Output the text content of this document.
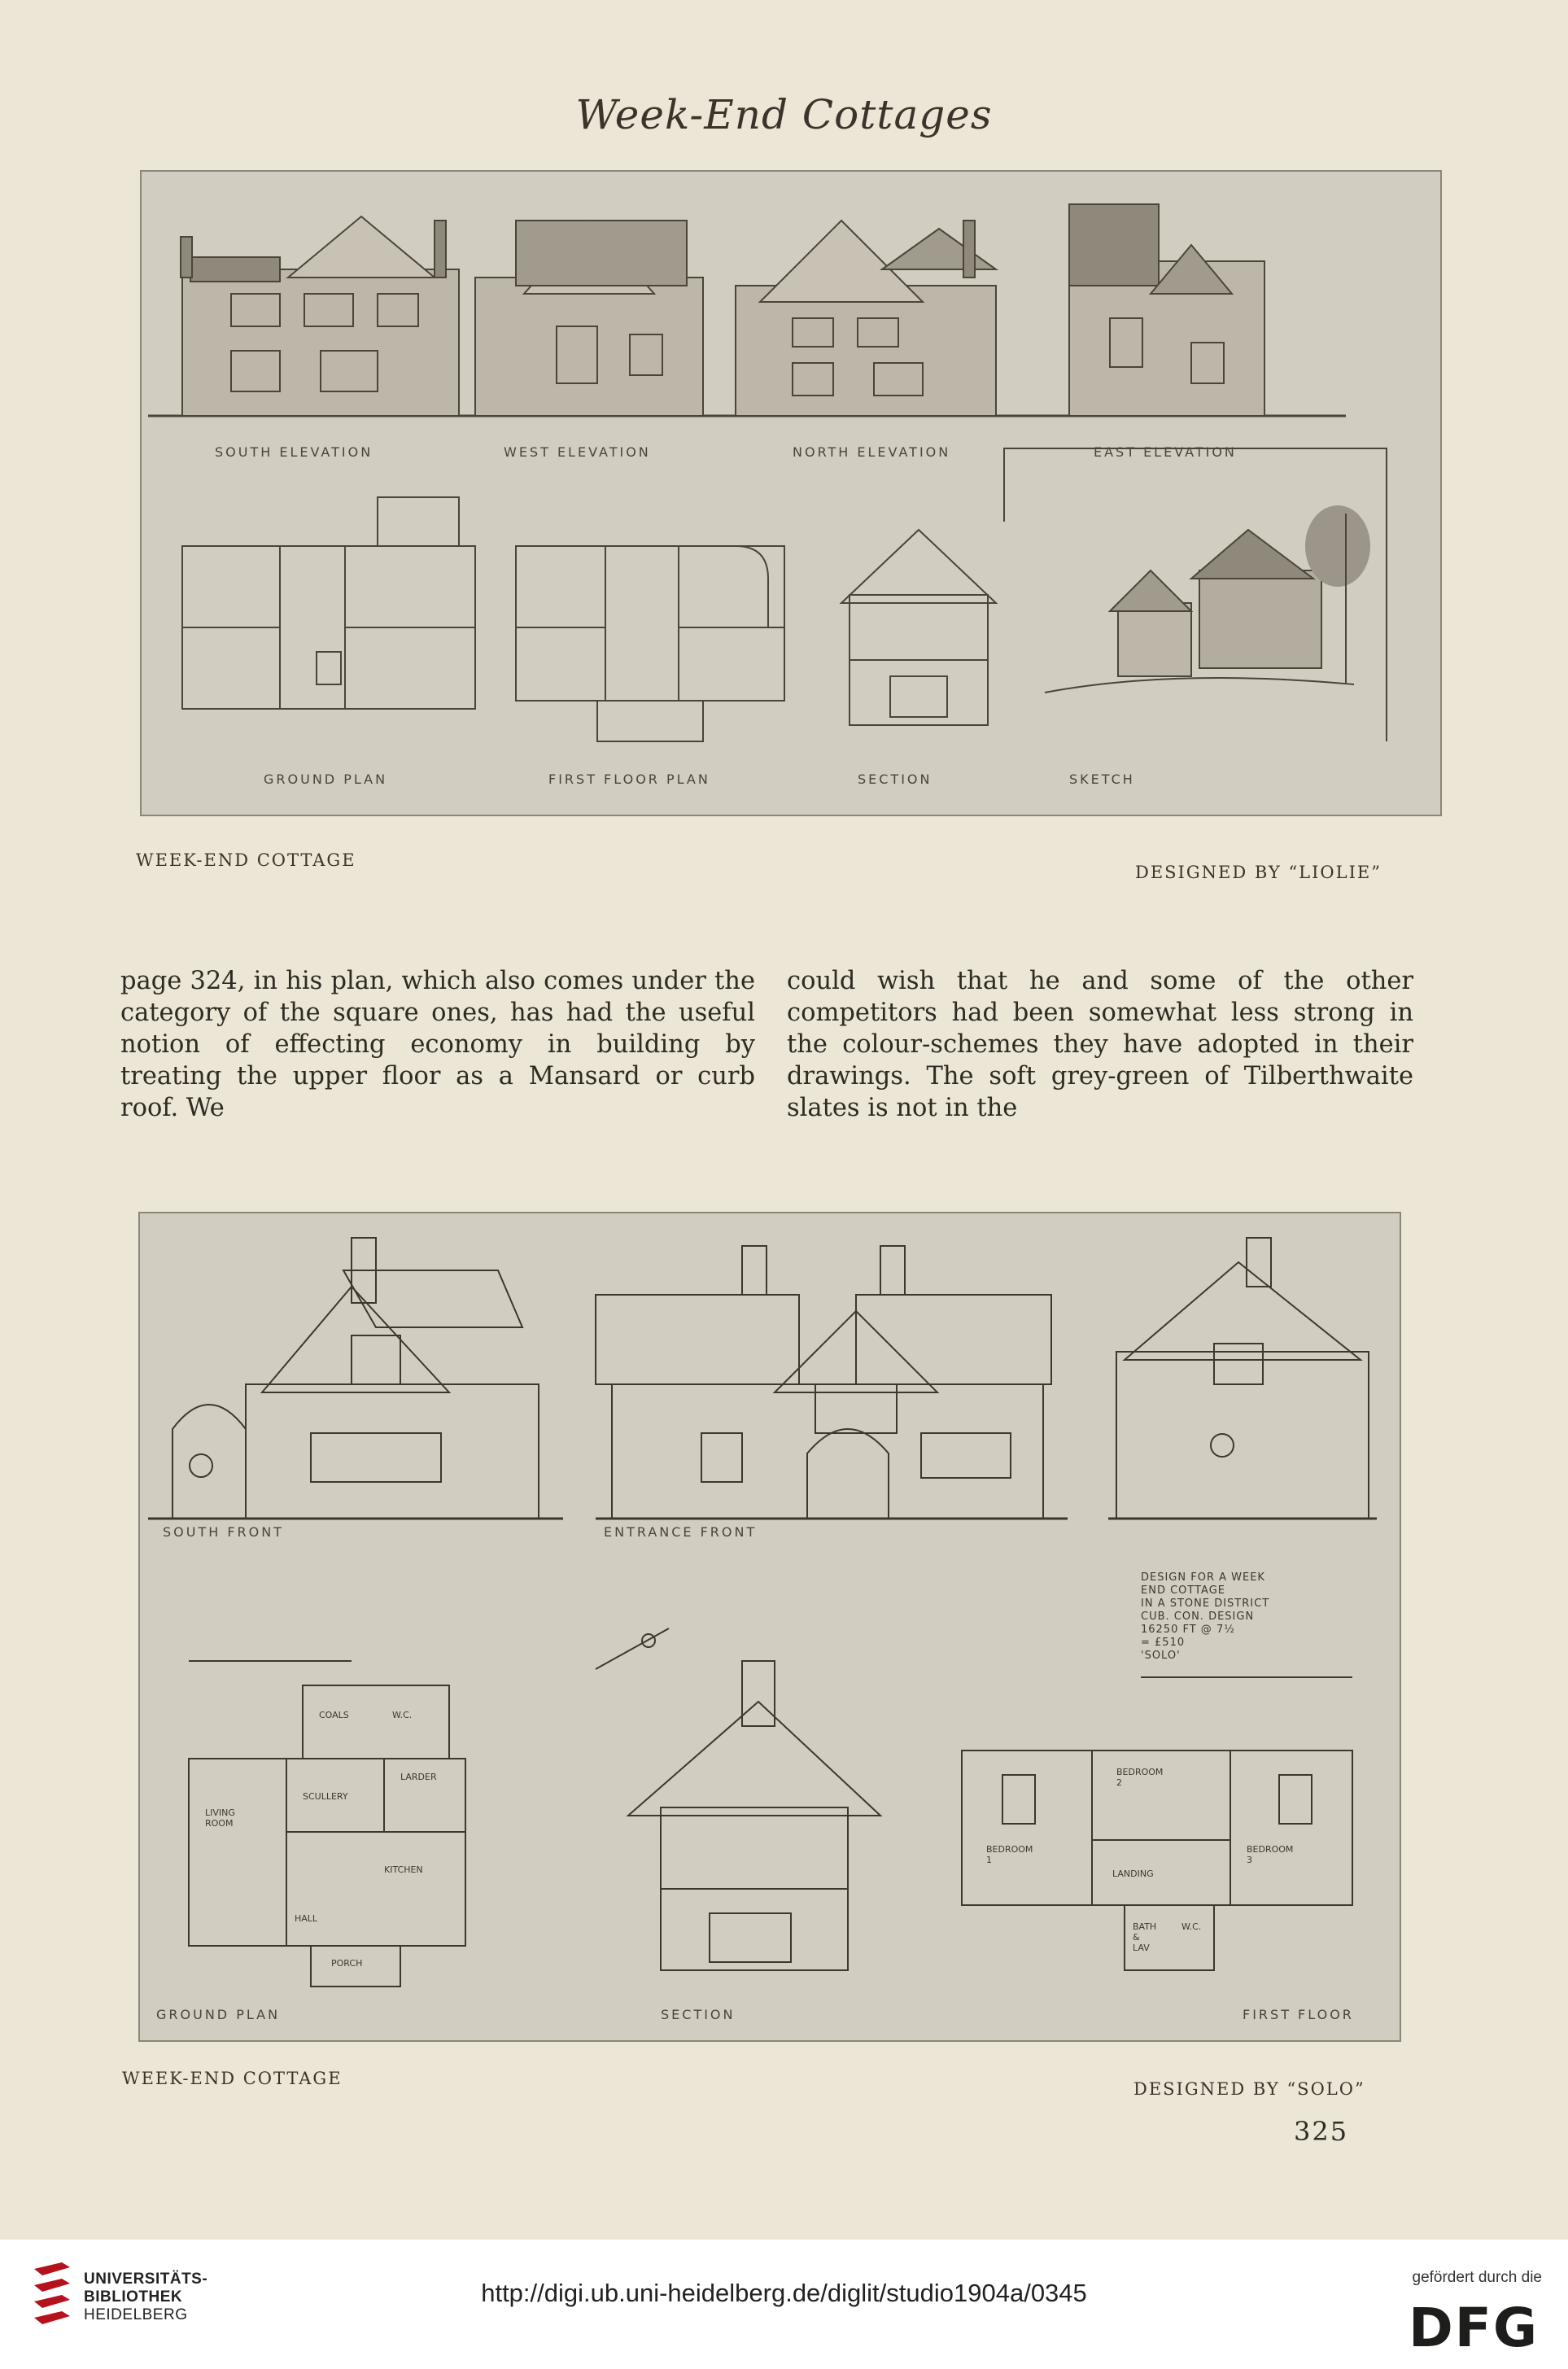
Week-End Cottages
SOUTH ELEVATION	WEST ELEVATION	NORTH ELEVATION	EAST ELEVATION
GROUND PLAN	FIRST FLOOR PLAN	SECTION	SKETCH
WEEK-END COTTAGE
DESIGNED BY “LIOLIE”
page 324, in his plan, which also comes under the category of the square ones, has had the useful notion of effecting economy in building by treating the upper floor as a Mansard or curb roof. We
could wish that he and some of the other competitors had been somewhat less strong in the colour-schemes they have adopted in their drawings. The soft grey-green of Tilberthwaite slates is not in the
SOUTH FRONT	ENTRANCE FRONT
GROUND PLAN	SECTION	FIRST FLOOR
DESIGN FOR A WEEK
END COTTAGE
IN A STONE DISTRICT
CUB. CON. DESIGN
16250 FT @ 7½
= £510
'SOLO'
COALS	W.C.
LARDER
SCULLERY
LIVING ROOM
KITCHEN
HALL
PORCH
BEDROOM 2
BEDROOM 1
BEDROOM 3
LANDING
BATH & LAV
W.C.
WEEK-END COTTAGE
DESIGNED BY “SOLO”
325
UNIVERSITÄTS-
BIBLIOTHEK
HEIDELBERG
http://digi.ub.uni-heidelberg.de/diglit/studio1904a/0345
gefördert durch die
DFG
